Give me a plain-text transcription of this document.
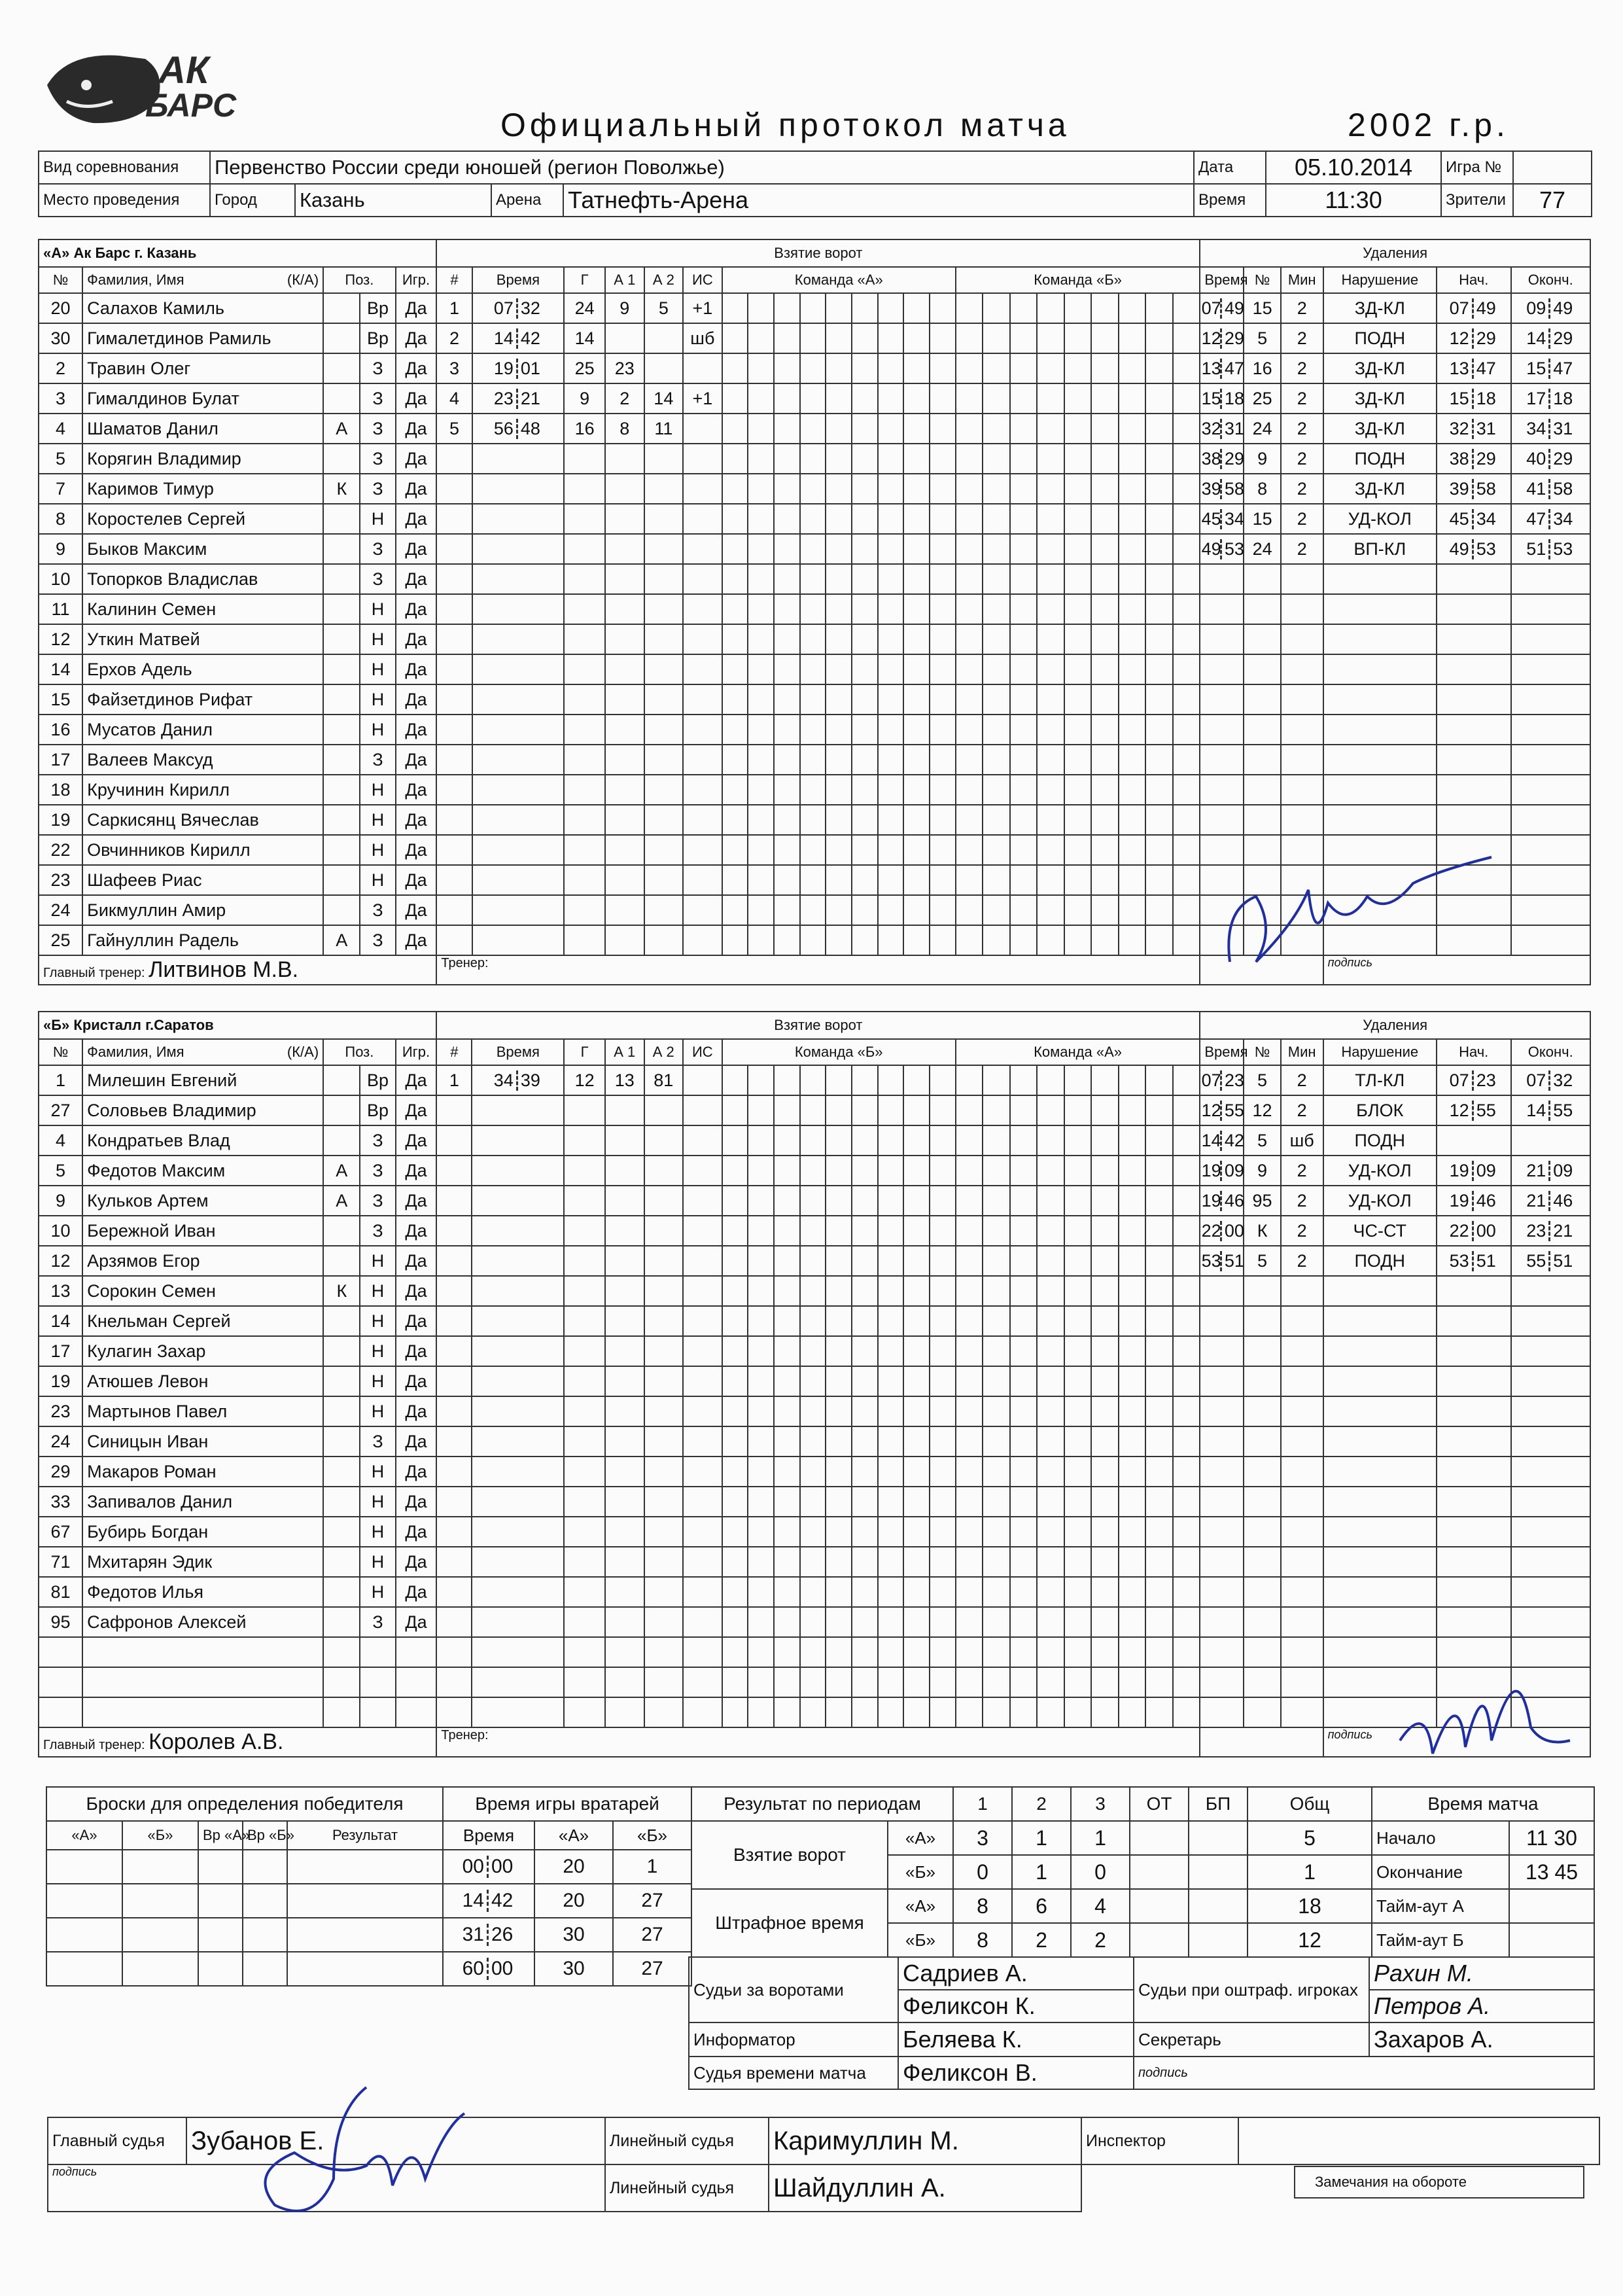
АК
БАРС
Официальный протокол матча	2002 г.р.
Вид соревнования	Первенство России среди юношей (регион Поволжье)				Дата	05.10.2014	Игра №	
Место проведения	Город	Казань	Арена	Татнефть-Арена	Время	11:30	Зрители	77
«А» Ак Барс г. Казань					Взятие ворот								Удаления					
№	Фамилия, Имя (К/А)	Поз.		Игр.	#	Время	Г	А 1	А 2	ИС	Команда «А»	Команда «Б»	Время	№	Мин	Нарушение	Нач.	Оконч.
20	Салахов Камиль		Вр	Да	1	07 32	24	9	5	+1			07 49	15	2	ЗД-КЛ	07 49	09 49
30	Гималетдинов Рамиль		Вр	Да	2	14 42	14			шб			12 29	5	2	ПОДН	12 29	14 29
2	Травин Олег		З	Да	3	19 01	25	23					13 47	16	2	ЗД-КЛ	13 47	15 47
3	Гималдинов Булат		З	Да	4	23 21	9	2	14	+1			15 18	25	2	ЗД-КЛ	15 18	17 18
4	Шаматов Данил	А	З	Да	5	56 48	16	8	11				32 31	24	2	ЗД-КЛ	32 31	34 31
5	Корягин Владимир		З	Да									38 29	9	2	ПОДН	38 29	40 29
7	Каримов Тимур	К	З	Да									39 58	8	2	ЗД-КЛ	39 58	41 58
8	Коростелев Сергей		Н	Да									45 34	15	2	УД-КОЛ	45 34	47 34
9	Быков Максим		З	Да									49 53	24	2	ВП-КЛ	49 53	51 53
10	Топорков Владислав		З	Да							

11	Калинин Семен		Н	Да							

12	Уткин Матвей		Н	Да							

14	Ерхов Адель		Н	Да							

15	Файзетдинов Рифат		Н	Да							

16	Мусатов Данил		Н	Да							

17	Валеев Максуд		З	Да							

18	Кручинин Кирилл		Н	Да							

19	Саркисянц Вячеслав		Н	Да							

22	Овчинников Кирилл		Н	Да							

23	Шафеев Риас		Н	Да							

24	Бикмуллин Амир		З	Да							

25	Гайнуллин Радель	А	З	Да							

Главный тренер: Литвинов М.В.					Тренер:											подпись		
«Б» Кристалл г.Саратов					Взятие ворот								Удаления					
№	Фамилия, Имя (К/А)	Поз.		Игр.	#	Время	Г	А 1	А 2	ИС	Команда «Б»	Команда «А»	Время	№	Мин	Нарушение	Нач.	Оконч.
1	Милешин Евгений		Вр	Да	1	34 39	12	13	81				07 23	5	2	ТЛ-КЛ	07 23	07 32
27	Соловьев Владимир		Вр	Да									12 55	12	2	БЛОК	12 55	14 55
4	Кондратьев Влад		З	Да									14 42	5	шб	ПОДН		
5	Федотов Максим	А	З	Да									19 09	9	2	УД-КОЛ	19 09	21 09
9	Кульков Артем	А	З	Да									19 46	95	2	УД-КОЛ	19 46	21 46
10	Бережной Иван		З	Да									22 00	К	2	ЧС-СТ	22 00	23 21
12	Арзямов Егор		Н	Да									53 51	5	2	ПОДН	53 51	55 51
13	Сорокин Семен	К	Н	Да							

14	Кнельман Сергей		Н	Да							

17	Кулагин Захар		Н	Да							

19	Атюшев Левон		Н	Да							

23	Мартынов Павел		Н	Да							

24	Синицын Иван		З	Да							

29	Макаров Роман		Н	Да							

33	Запивалов Данил		Н	Да							

67	Бубирь Богдан		Н	Да							

71	Мхитарян Эдик		Н	Да							

81	Федотов Илья		Н	Да							

95	Сафронов Алексей		З	Да							

Главный тренер: Королев А.В.					Тренер:											подпись		
Броски для определения победителя				
«А»	«Б»	Вр «А»	Вр «Б»	Результат

Время игры вратарей		
Время	«А»	«Б»
00 00	20	1
14 42	20	27
31 26	30	27
60 00	30	27
Результат по периодам		1	2	3	ОТ	БП	Общ
Взятие ворот	«А»	3	1	1			5
	«Б»	0	1	0			1
Штрафное время	«А»	8	6	4			18
	«Б»	8	2	2			12
Время матча	
Начало	11 30
Окончание	13 45
Тайм-аут А	
Тайм-аут Б	
Судьи за воротами	Садриев А.	Судьи при оштраф. игроках	Рахин М.
	Феликсон К.		Петров А.
Информатор	Беляева К.	Секретарь	Захаров А.
Судья времени матча	Феликсон В.	подпись	
Главный судья	Зубанов Е.	Линейный судья	Каримуллин М.
подпись		Линейный судья	Шайдуллин А.
Инспектор	
Замечания на обороте
